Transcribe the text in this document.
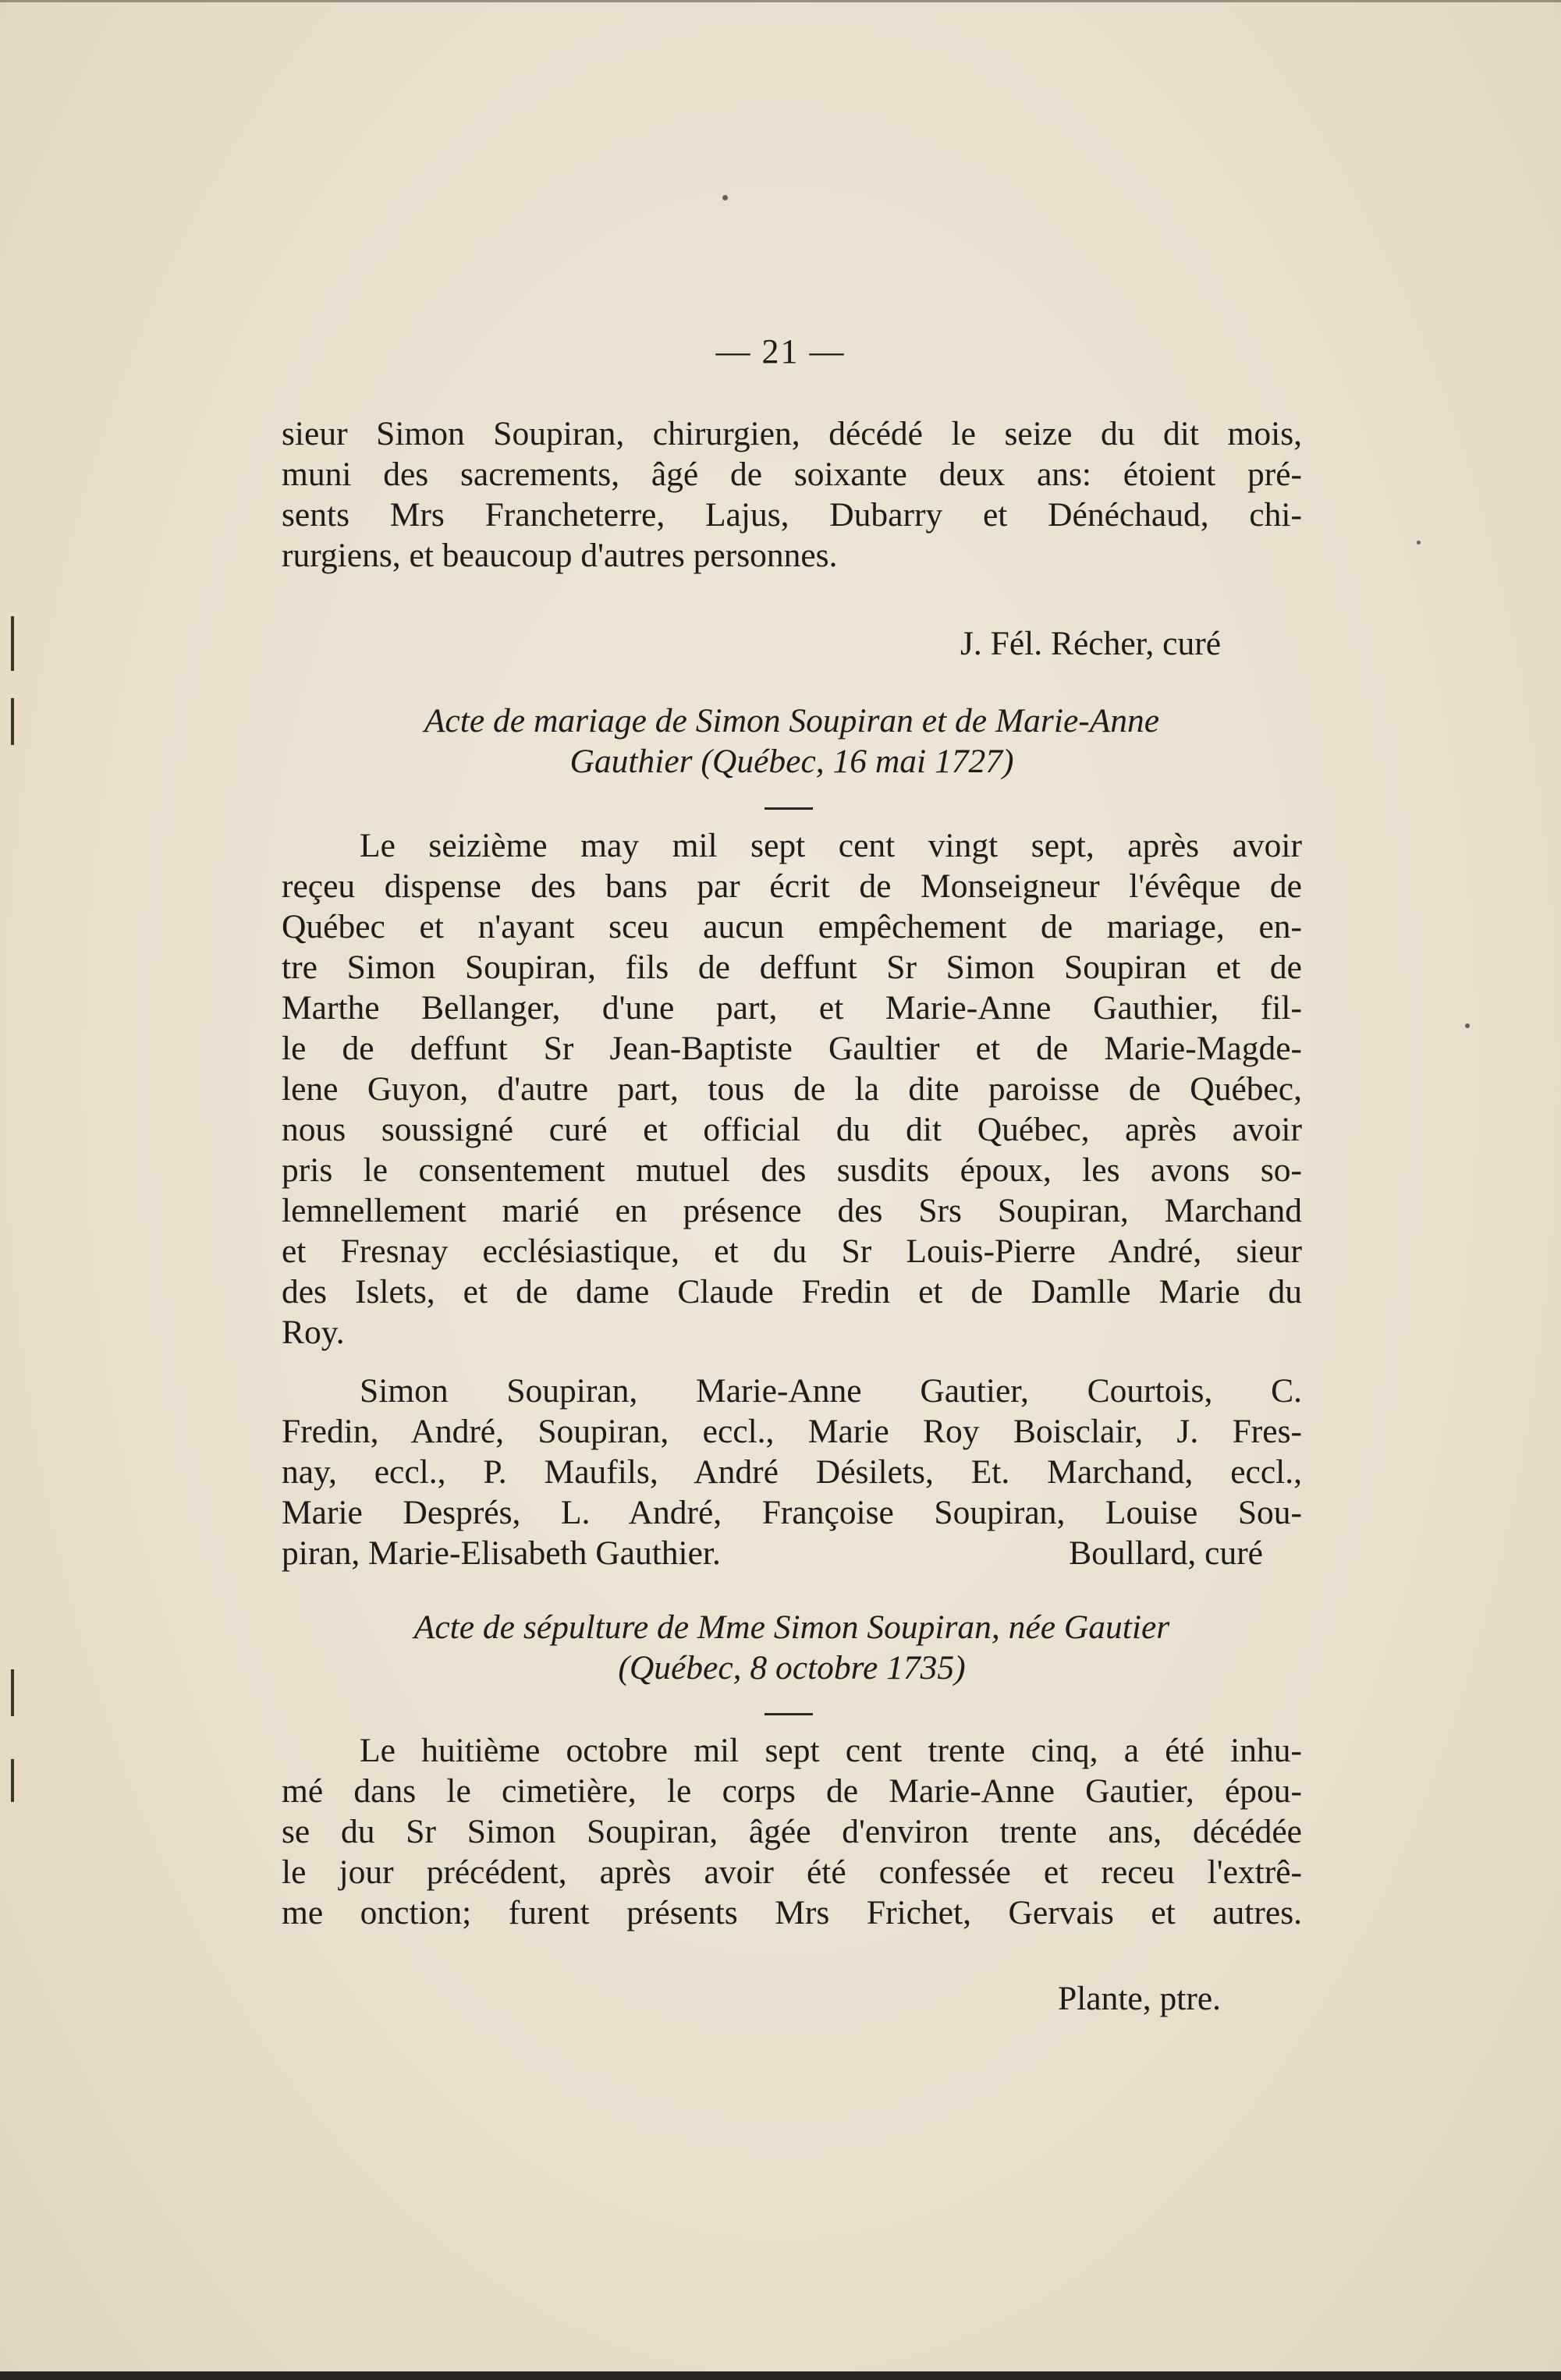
— 21 —
sieur Simon Soupiran, chirurgien, décédé le seize du dit mois,
muni des sacrements, âgé de soixante deux ans: étoient pré-
sents Mrs Francheterre, Lajus, Dubarry et Dénéchaud, chi-
rurgiens, et beaucoup d'autres personnes.
J. Fél. Récher, curé
Acte de mariage de Simon Soupiran et de Marie-Anne
Gauthier (Québec, 16 mai 1727)
Le seizième may mil sept cent vingt sept, après avoir
reçeu dispense des bans par écrit de Monseigneur l'évêque de
Québec et n'ayant sceu aucun empêchement de mariage, en-
tre Simon Soupiran, fils de deffunt Sr Simon Soupiran et de
Marthe Bellanger, d'une part, et Marie-Anne Gauthier, fil-
le de deffunt Sr Jean-Baptiste Gaultier et de Marie-Magde-
lene Guyon, d'autre part, tous de la dite paroisse de Québec,
nous soussigné curé et official du dit Québec, après avoir
pris le consentement mutuel des susdits époux, les avons so-
lemnellement marié en présence des Srs Soupiran, Marchand
et Fresnay ecclésiastique, et du Sr Louis-Pierre André, sieur
des Islets, et de dame Claude Fredin et de Damlle Marie du
Roy.
Simon Soupiran, Marie-Anne Gautier, Courtois, C.
Fredin, André, Soupiran, eccl., Marie Roy Boisclair, J. Fres-
nay, eccl., P. Maufils, André Désilets, Et. Marchand, eccl.,
Marie Després, L. André, Françoise Soupiran, Louise Sou-
piran, Marie-Elisabeth Gauthier.	Boullard, curé
Acte de sépulture de Mme Simon Soupiran, née Gautier
(Québec, 8 octobre 1735)
Le huitième octobre mil sept cent trente cinq, a été inhu-
mé dans le cimetière, le corps de Marie-Anne Gautier, épou-
se du Sr Simon Soupiran, âgée d'environ trente ans, décédée
le jour précédent, après avoir été confessée et receu l'extrê-
me onction; furent présents Mrs Frichet, Gervais et autres.
Plante, ptre.
